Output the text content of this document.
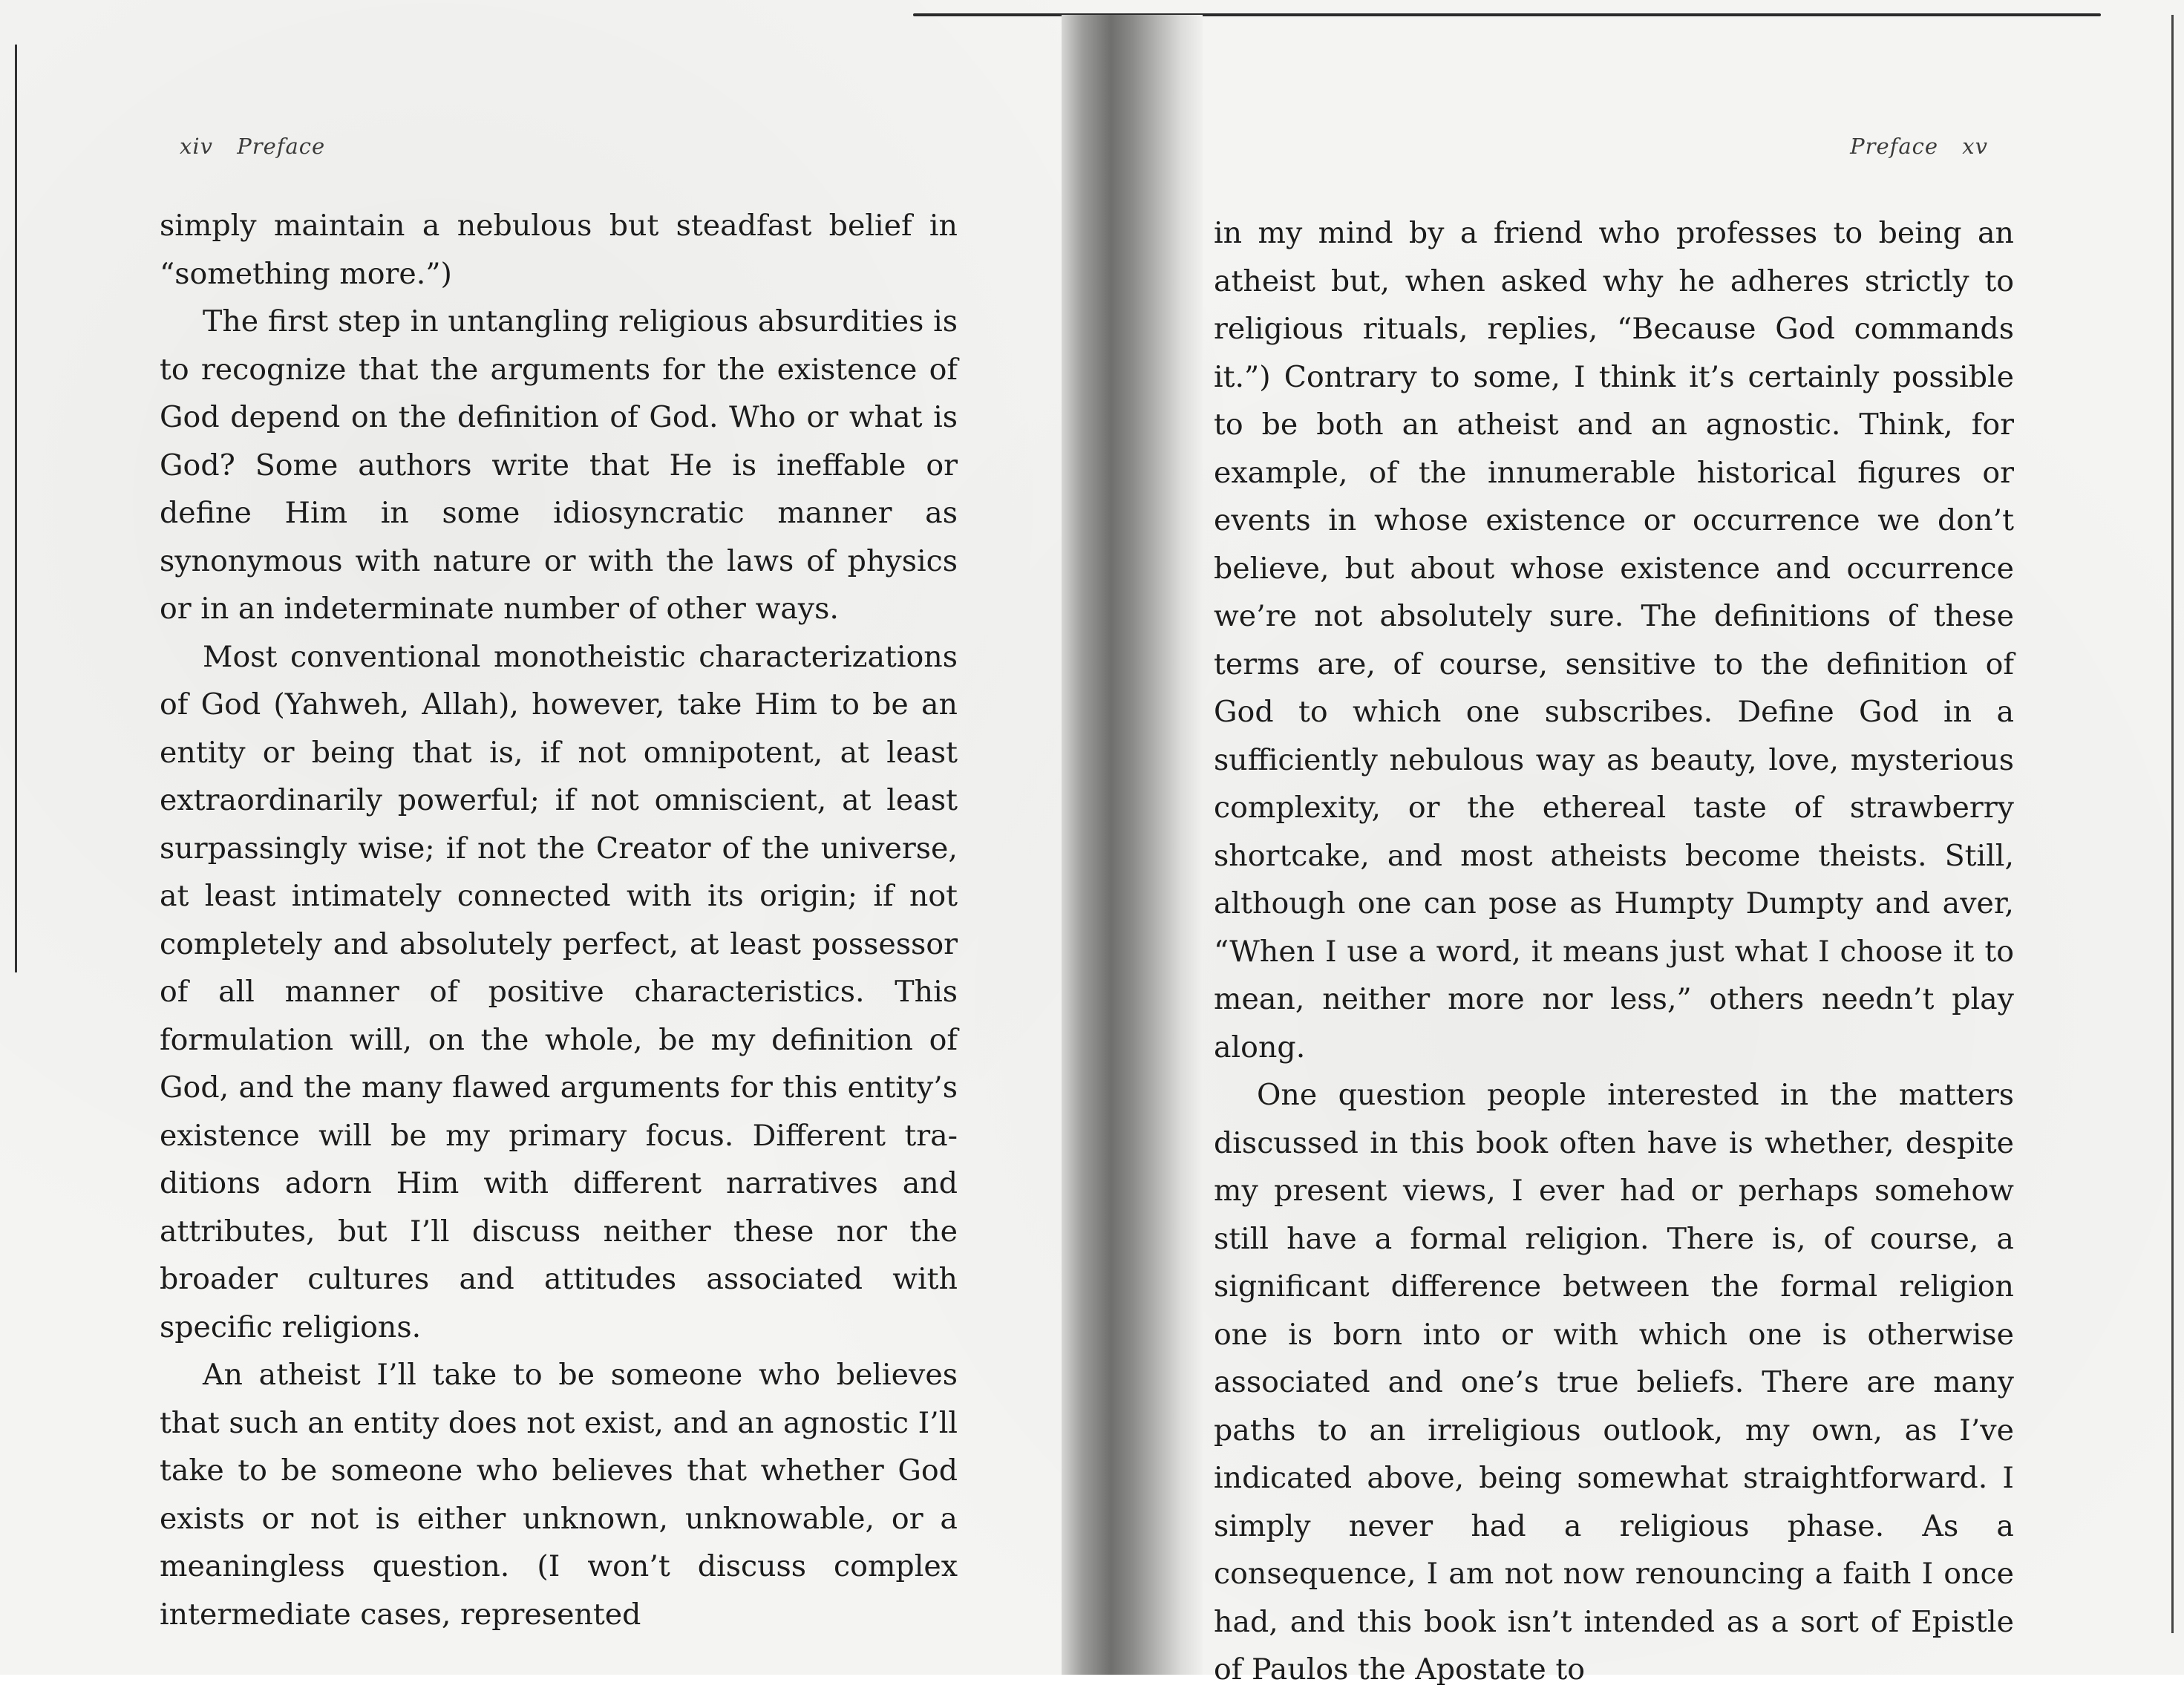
xiv Preface

simply maintain a nebulous but steadfast belief in “something more.”)

The first step in untangling religious absurdities is to recognize that the arguments for the existence of God depend on the definition of God. Who or what is God? Some authors write that He is ineffable or define Him in some idiosyncratic manner as synonymous with nature or with the laws of physics or in an indeterminate number of other ways.

Most conventional monotheistic characterizations of God (Yahweh, Allah), however, take Him to be an entity or being that is, if not omnipotent, at least extraordinarily powerful; if not omniscient, at least surpassingly wise; if not the Creator of the universe, at least intimately connected with its origin; if not completely and absolutely perfect, at least possessor of all manner of positive characteristics. This formulation will, on the whole, be my definition of God, and the many flawed arguments for this entity’s existence will be my primary focus. Different traditions adorn Him with different narratives and attributes, but I’ll discuss neither these nor the broader cultures and attitudes associated with specific religions.

An atheist I’ll take to be someone who believes that such an entity does not exist, and an agnostic I’ll take to be someone who believes that whether God exists or not is either unknown, unknowable, or a meaningless question. (I won’t discuss complex intermediate cases, represented

Preface xv

in my mind by a friend who professes to being an atheist but, when asked why he adheres strictly to religious rituals, replies, “Because God commands it.”) Contrary to some, I think it’s certainly possible to be both an atheist and an agnostic. Think, for example, of the innumerable historical figures or events in whose existence or occurrence we don’t believe, but about whose existence and occurrence we’re not absolutely sure. The definitions of these terms are, of course, sensitive to the definition of God to which one subscribes. Define God in a sufficiently nebulous way as beauty, love, mysterious complexity, or the ethereal taste of strawberry shortcake, and most atheists become theists. Still, although one can pose as Humpty Dumpty and aver, “When I use a word, it means just what I choose it to mean, neither more nor less,” others needn’t play along.

One question people interested in the matters discussed in this book often have is whether, despite my present views, I ever had or perhaps somehow still have a formal religion. There is, of course, a significant difference between the formal religion one is born into or with which one is otherwise associated and one’s true beliefs. There are many paths to an irreligious outlook, my own, as I’ve indicated above, being somewhat straightforward. I simply never had a religious phase. As a consequence, I am not now renouncing a faith I once had, and this book isn’t intended as a sort of Epistle of Paulos the Apostate to
